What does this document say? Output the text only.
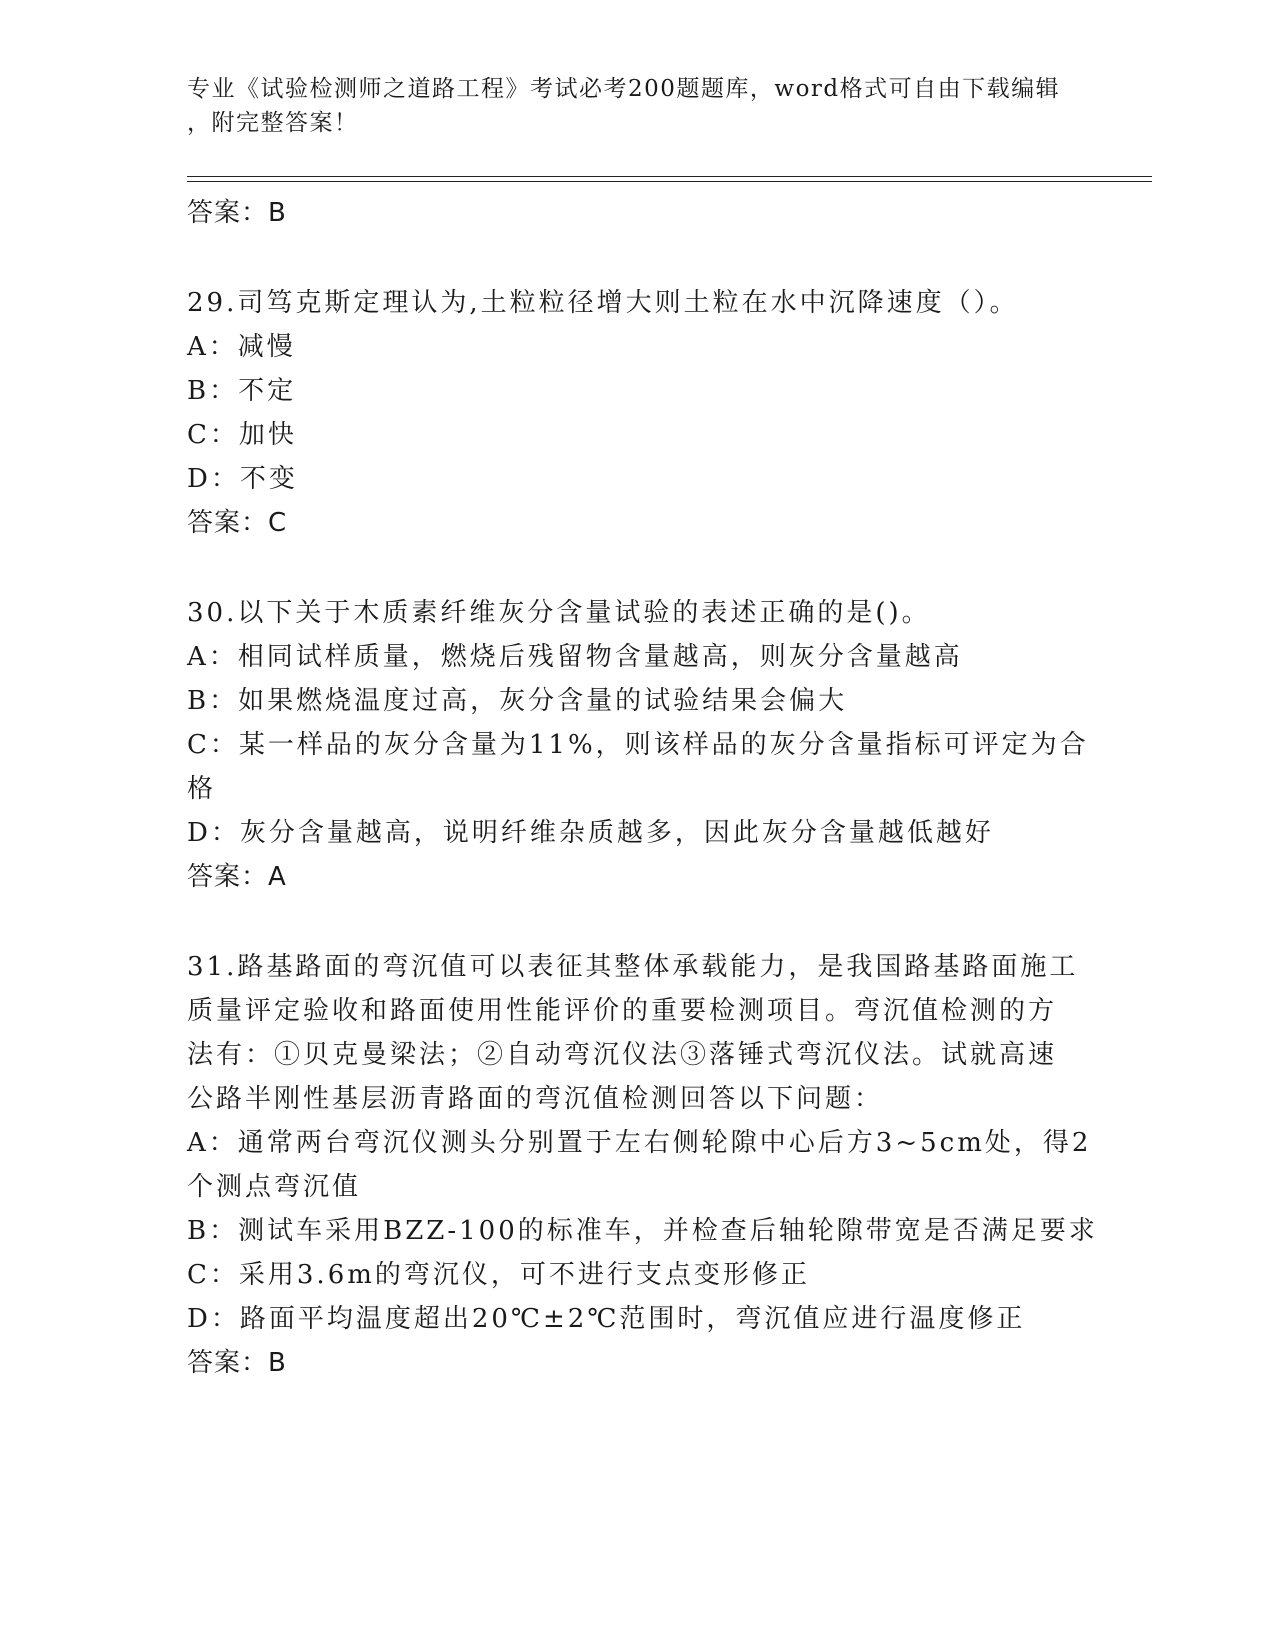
专业《试验检测师之道路工程》考试必考200题题库，word格式可自由下载编辑
，附完整答案！
答案：B
29.司笃克斯定理认为,土粒粒径增大则土粒在水中沉降速度（）。
A：减慢
B：不定
C：加快
D：不变
答案：C
30.以下关于木质素纤维灰分含量试验的表述正确的是()。
A：相同试样质量，燃烧后残留物含量越高，则灰分含量越高
B：如果燃烧温度过高，灰分含量的试验结果会偏大
C：某一样品的灰分含量为11%，则该样品的灰分含量指标可评定为合
格
D：灰分含量越高，说明纤维杂质越多，因此灰分含量越低越好
答案：A
31.路基路面的弯沉值可以表征其整体承载能力，是我国路基路面施工
质量评定验收和路面使用性能评价的重要检测项目。弯沉值检测的方
法有：①贝克曼梁法；②自动弯沉仪法③落锤式弯沉仪法。试就高速
公路半刚性基层沥青路面的弯沉值检测回答以下问题：
A：通常两台弯沉仪测头分别置于左右侧轮隙中心后方3~5cm处，得2
个测点弯沉值
B：测试车采用BZZ-100的标准车，并检查后轴轮隙带宽是否满足要求
C：采用3.6m的弯沉仪，可不进行支点变形修正
D：路面平均温度超出20℃±2℃范围时，弯沉值应进行温度修正
答案：B
